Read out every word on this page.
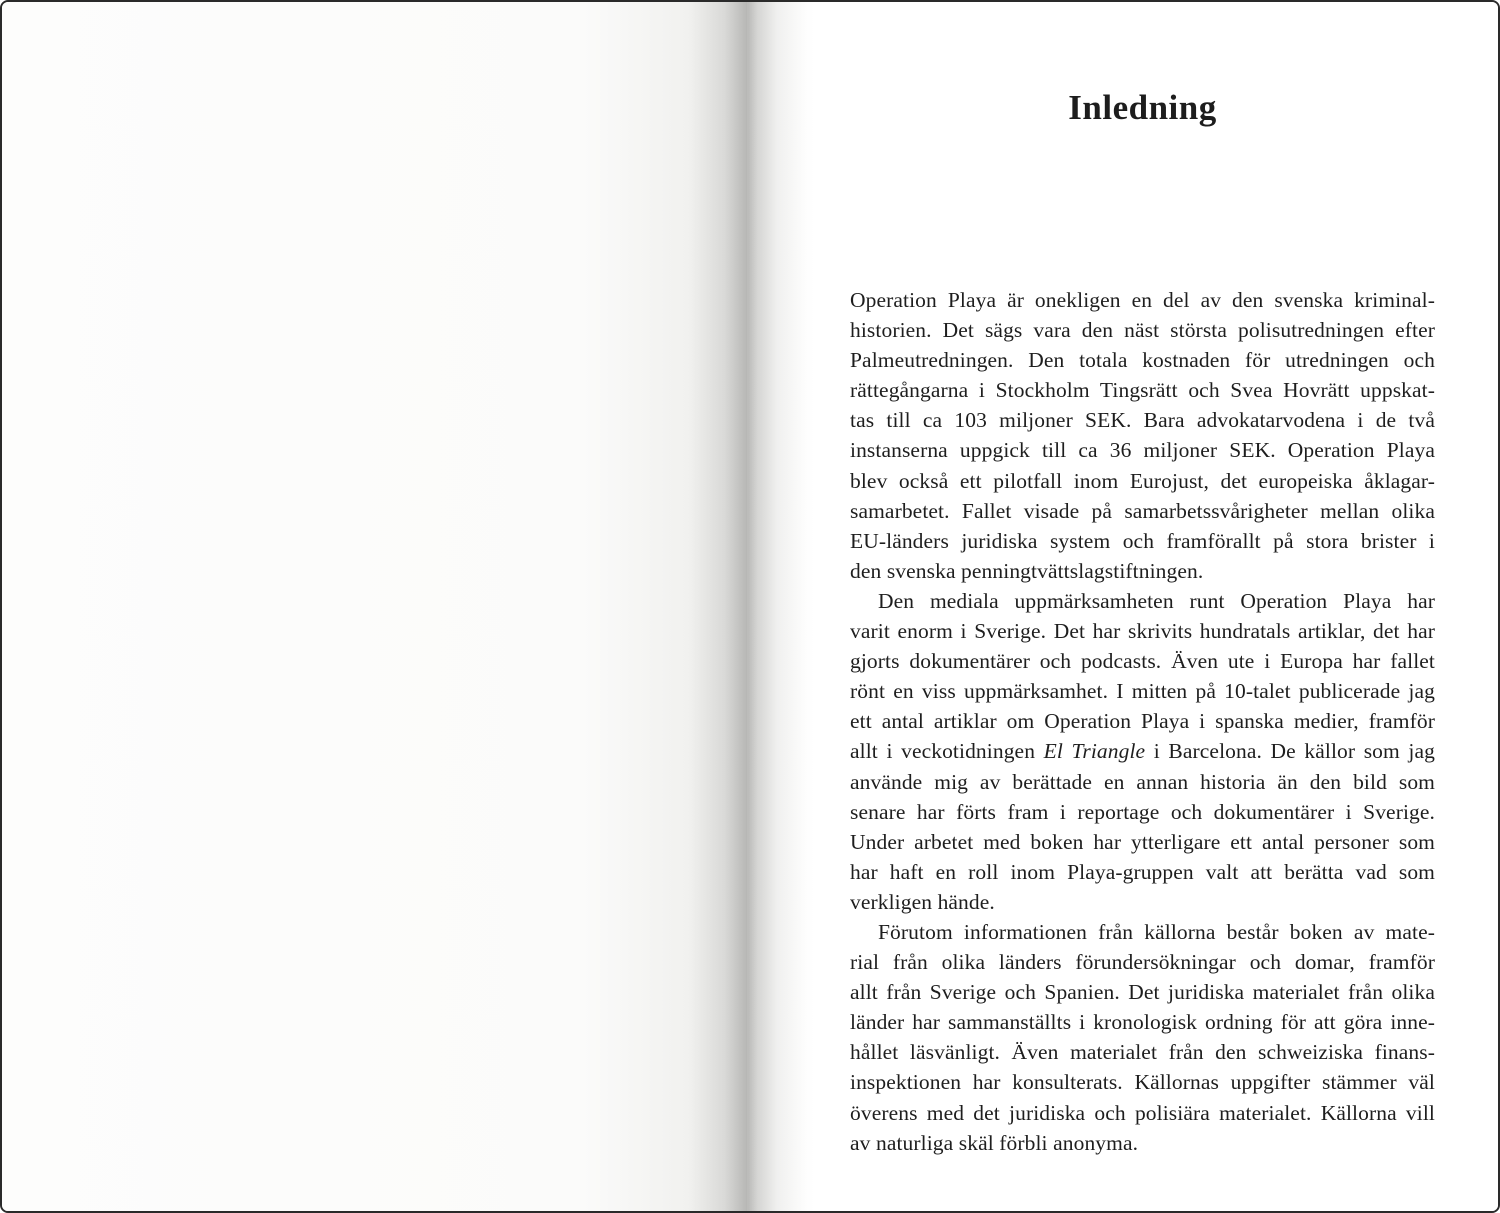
Inledning
Operation Playa är onekligen en del av den svenska kriminal-
historien. Det sägs vara den näst största polisutredningen efter
Palmeutredningen. Den totala kostnaden för utredningen och
rättegångarna i Stockholm Tingsrätt och Svea Hovrätt uppskat-
tas till ca 103 miljoner SEK. Bara advokatarvodena i de två
instanserna uppgick till ca 36 miljoner SEK. Operation Playa
blev också ett pilotfall inom Eurojust, det europeiska åklagar-
samarbetet. Fallet visade på samarbetssvårigheter mellan olika
EU-länders juridiska system och framförallt på stora brister i
den svenska penningtvättslagstiftningen.
Den mediala uppmärksamheten runt Operation Playa har
varit enorm i Sverige. Det har skrivits hundratals artiklar, det har
gjorts dokumentärer och podcasts. Även ute i Europa har fallet
rönt en viss uppmärksamhet. I mitten på 10-talet publicerade jag
ett antal artiklar om Operation Playa i spanska medier, framför
allt i veckotidningen El Triangle i Barcelona. De källor som jag
använde mig av berättade en annan historia än den bild som
senare har förts fram i reportage och dokumentärer i Sverige.
Under arbetet med boken har ytterligare ett antal personer som
har haft en roll inom Playa-gruppen valt att berätta vad som
verkligen hände.
Förutom informationen från källorna består boken av mate-
rial från olika länders förundersökningar och domar, framför
allt från Sverige och Spanien. Det juridiska materialet från olika
länder har sammanställts i kronologisk ordning för att göra inne-
hållet läsvänligt. Även materialet från den schweiziska finans-
inspektionen har konsulterats. Källornas uppgifter stämmer väl
överens med det juridiska och polisiära materialet. Källorna vill
av naturliga skäl förbli anonyma.
